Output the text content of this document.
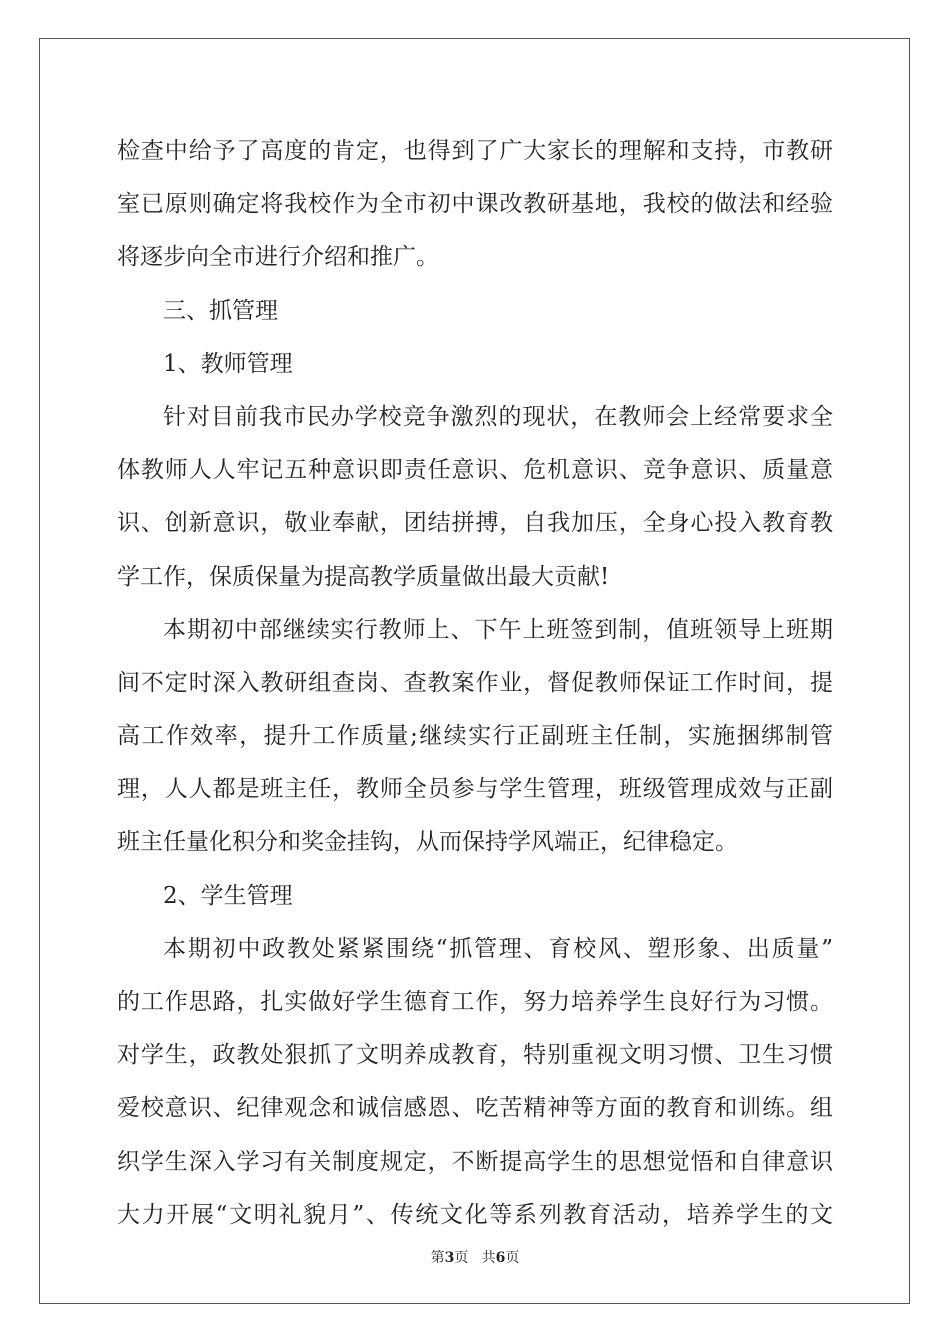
检查中给予了高度的肯定，也得到了广大家长的理解和支持，市教研
室已原则确定将我校作为全市初中课改教研基地，我校的做法和经验
将逐步向全市进行介绍和推广。
三、抓管理
1、教师管理
针对目前我市民办学校竞争激烈的现状，在教师会上经常要求全
体教师人人牢记五种意识即责任意识、危机意识、竞争意识、质量意
识、创新意识，敬业奉献，团结拼搏，自我加压，全身心投入教育教
学工作，保质保量为提高教学质量做出最大贡献!
本期初中部继续实行教师上、下午上班签到制，值班领导上班期
间不定时深入教研组查岗、查教案作业，督促教师保证工作时间，提
高工作效率，提升工作质量;继续实行正副班主任制，实施捆绑制管
理，人人都是班主任，教师全员参与学生管理，班级管理成效与正副
班主任量化积分和奖金挂钩，从而保持学风端正，纪律稳定。
2、学生管理
本期初中政教处紧紧围绕“抓管理、育校风、塑形象、出质量”
的工作思路，扎实做好学生德育工作，努力培养学生良好行为习惯。
对学生，政教处狠抓了文明养成教育，特别重视文明习惯、卫生习惯
爱校意识、纪律观念和诚信感恩、吃苦精神等方面的教育和训练。组
织学生深入学习有关制度规定，不断提高学生的思想觉悟和自律意识
大力开展“文明礼貌月”、传统文化等系列教育活动，培养学生的文
第3页 共6页
